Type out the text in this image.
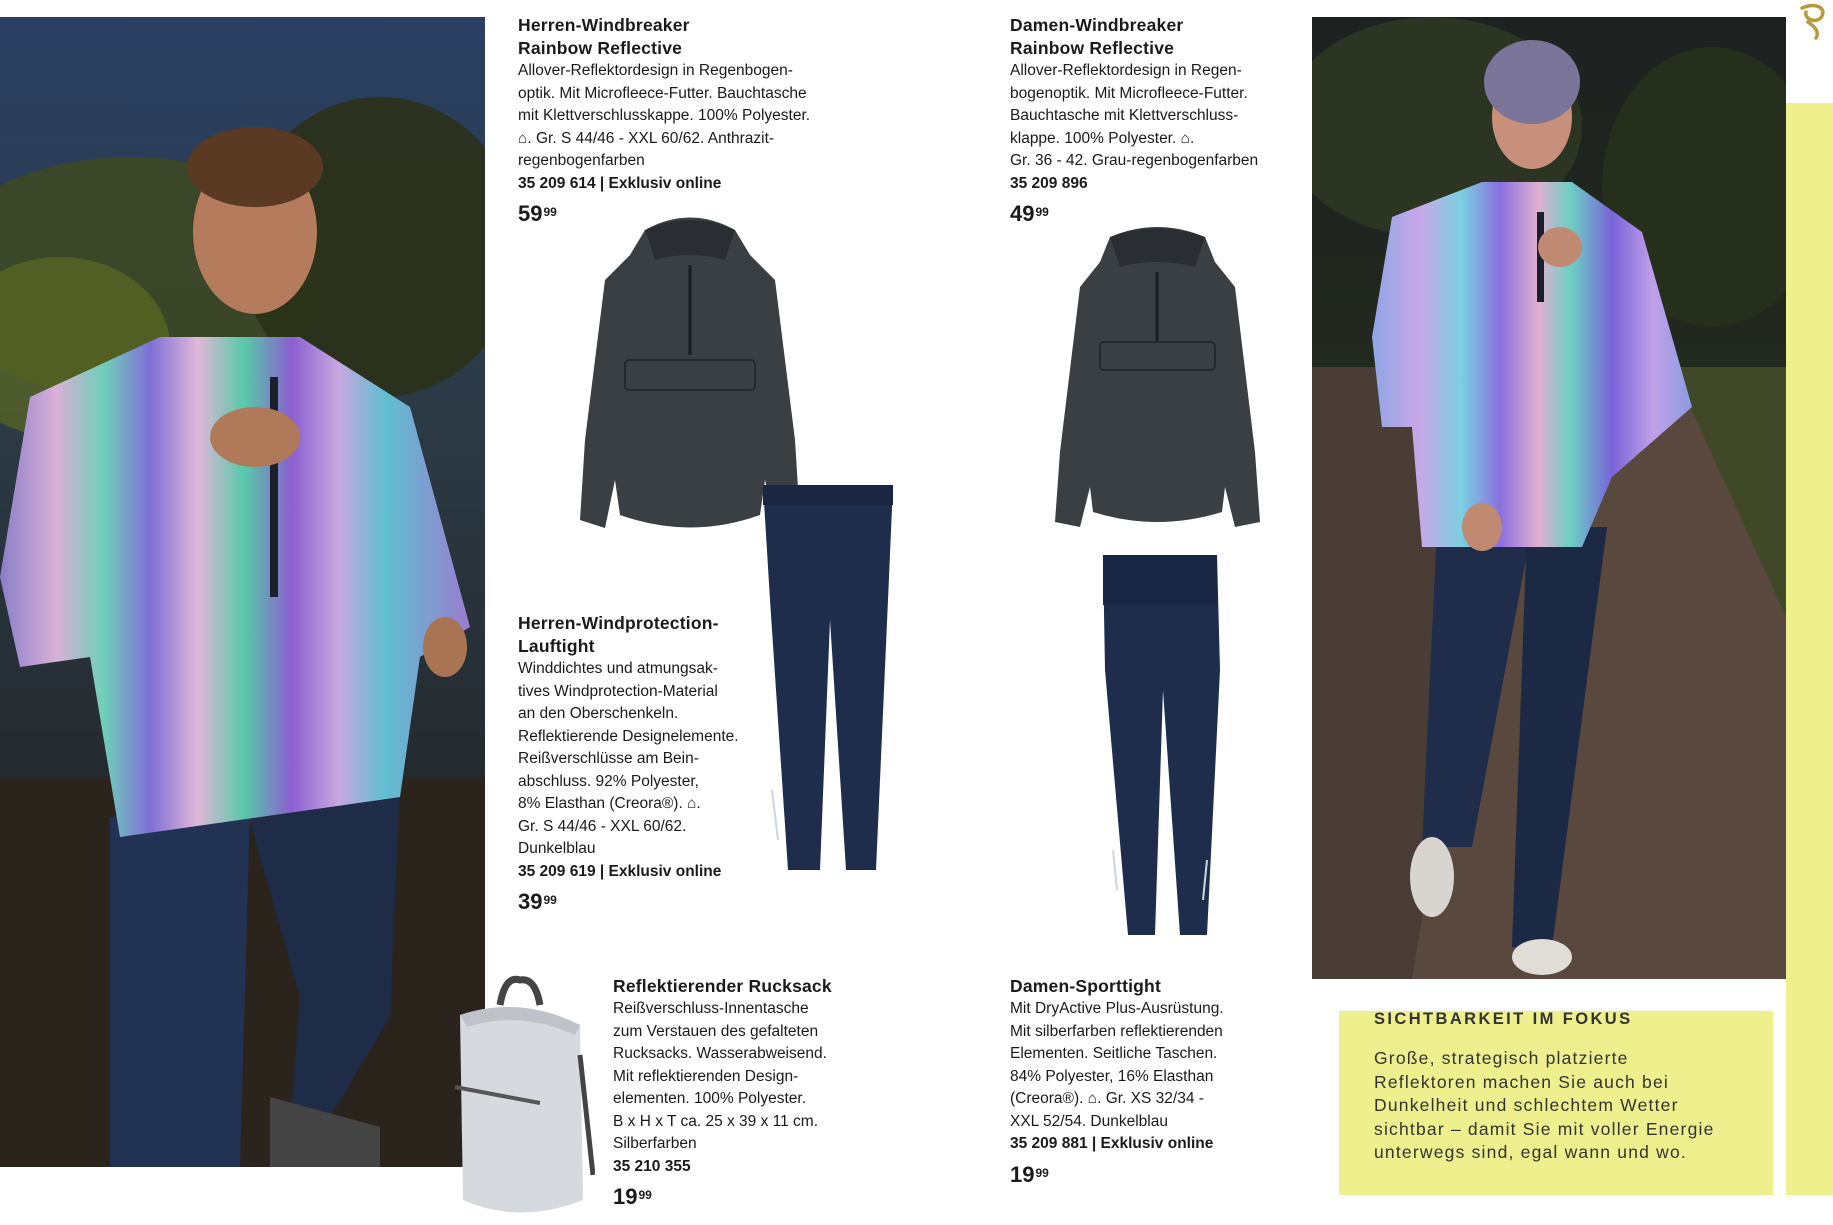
SICHTBARKEIT IM FOKUS
Große, strategisch platzierte
Reflektoren machen Sie auch bei
Dunkelheit und schlechtem Wetter
sichtbar – damit Sie mit voller Energie
unterwegs sind, egal wann und wo.
Herren-Windbreaker
Rainbow Reflective
Allover-Reflektordesign in Regenbogen-
optik. Mit Microfleece-Futter. Bauchtasche
mit Klettverschlusskappe. 100% Polyester.
⌂. Gr. S 44/46 - XXL 60/62. Anthrazit-
regenbogenfarben
35 209 614 | Exklusiv online
$59^{99}$
Damen-Windbreaker
Rainbow Reflective
Allover-Reflektordesign in Regen-
bogenoptik. Mit Microfleece-Futter.
Bauchtasche mit Klettverschluss-
klappe. 100% Polyester. ⌂.
Gr. 36 - 42. Grau-regenbogenfarben
35 209 896
$49^{99}$
Herren-Windprotection-
Lauftight
Winddichtes und atmungsak-
tives Windprotection-Material
an den Oberschenkeln.
Reflektierende Designelemente.
Reißverschlüsse am Bein-
abschluss. 92% Polyester,
8% Elasthan (Creora®). ⌂.
Gr. S 44/46 - XXL 60/62.
Dunkelblau
35 209 619 | Exklusiv online
$39^{99}$
Reflektierender Rucksack
Reißverschluss-Innentasche
zum Verstauen des gefalteten
Rucksacks. Wasserabweisend.
Mit reflektierenden Design-
elementen. 100% Polyester.
B x H x T ca. 25 x 39 x 11 cm.
Silberfarben
35 210 355
$19^{99}$
Damen-Sporttight
Mit DryActive Plus-Ausrüstung.
Mit silberfarben reflektierenden
Elementen. Seitliche Taschen.
84% Polyester, 16% Elasthan
(Creora®). ⌂. Gr. XS 32/34 -
XXL 52/54. Dunkelblau
35 209 881 | Exklusiv online
$19^{99}$
